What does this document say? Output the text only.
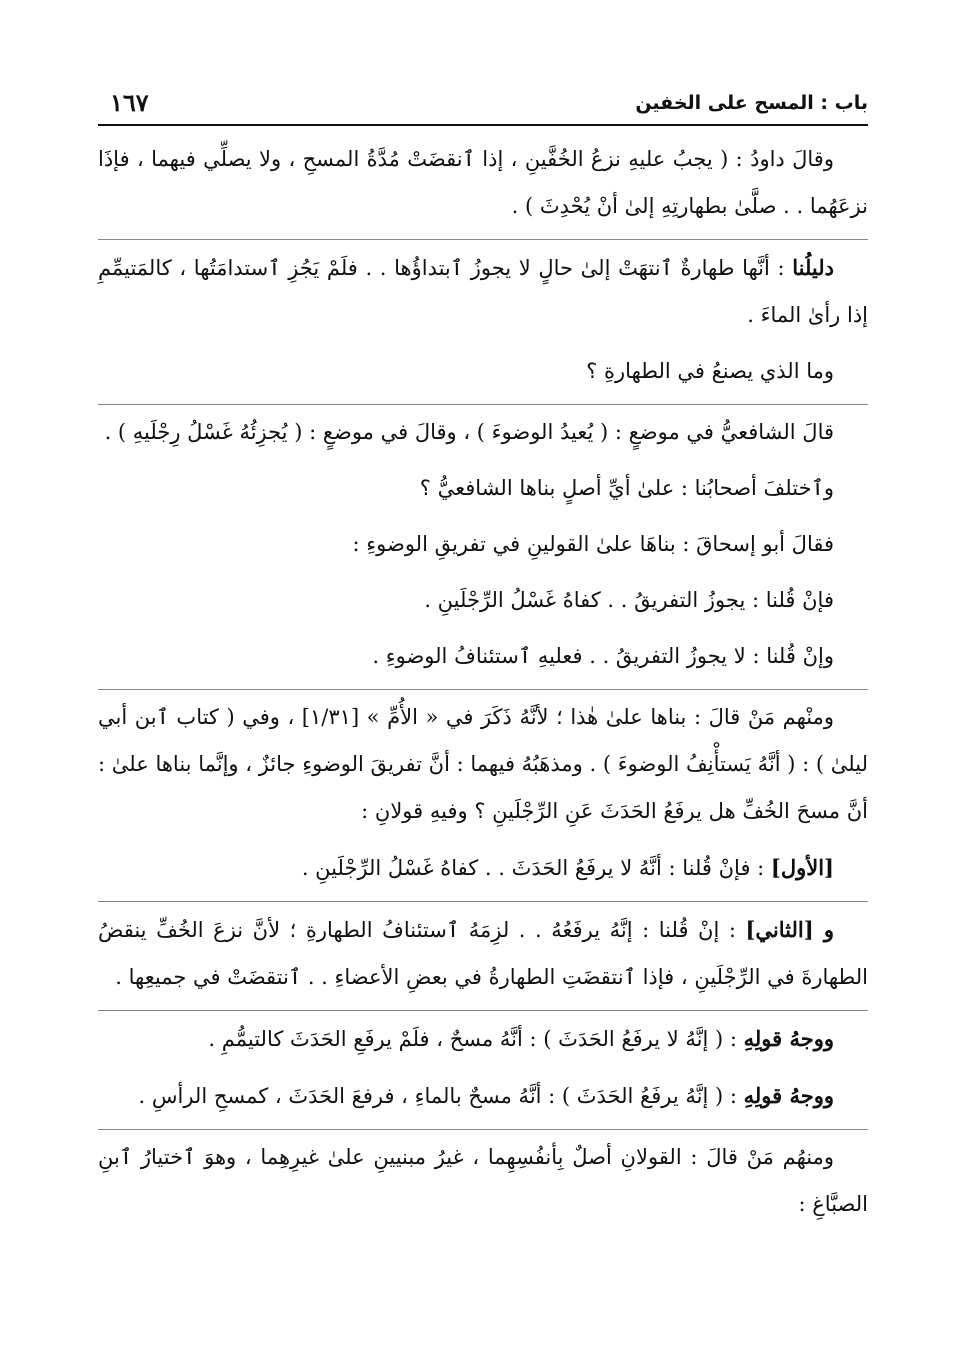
باب : المسح على الخفين
١٦٧

وقالَ داودُ : ( يجبُ عليهِ نزعُ الخُفَّينِ ، إذا ٱنقضَتْ مُدَّةُ المسحِ ، ولا يصلِّي فيهما ، فإذَا نزعَهُما . . صلَّىٰ بطهارتِهِ إلىٰ أنْ يُحْدِثَ ) .

دليلُنا : أنَّها طهارةٌ ٱنتهَتْ إلىٰ حالٍ لا يجوزُ ٱبتداؤُها . . فلَمْ يَجُزِ ٱستدامَتُها ، كالمَتيمِّمِ إذا رأىٰ الماءَ .

وما الذي يصنعُ في الطهارةِ ؟

قالَ الشافعيُّ في موضعٍ : ( يُعيدُ الوضوءَ ) ، وقالَ في موضعٍ : ( يُجزِئُهُ غَسْلُ رِجْلَيهِ ) .

وٱختلفَ أصحابُنا : علىٰ أيِّ أصلٍ بناها الشافعيُّ ؟

فقالَ أبو إسحاقَ : بناهَا علىٰ القولينِ في تفريقِ الوضوءِ :

فإنْ قُلنا : يجوزُ التفريقُ . . كفاهُ غَسْلُ الرِّجْلَينِ .

وإنْ قُلنا : لا يجوزُ التفريقُ . . فعليهِ ٱستئنافُ الوضوءِ .

ومنْهم مَنْ قالَ : بناها علىٰ هٰذا ؛ لأنَّهُ ذَكَرَ في « الأُمِّ » [١/٣١] ، وفي ( كتاب ٱبن أبي ليلىٰ ) : ( أنَّهُ يَستأْنِفُ الوضوءَ ) . ومذهَبُهُ فيهما : أنَّ تفريقَ الوضوءِ جائزٌ ، وإنَّما بناها علىٰ : أنَّ مسحَ الخُفِّ هل يرفَعُ الحَدَثَ عَنِ الرِّجْلَينِ ؟ وفيهِ قولانِ :

[الأول] : فإنْ قُلنا : أنَّهُ لا يرفَعُ الحَدَثَ . . كفاهُ غَسْلُ الرِّجْلَينِ .

و [الثاني] : إنْ قُلنا : إنَّهُ يرفَعُهُ . . لزِمَهُ ٱستئنافُ الطهارةِ ؛ لأنَّ نزعَ الخُفِّ ينقضُ الطهارةَ في الرِّجْلَينِ ، فإذا ٱنتقضَتِ الطهارةُ في بعضِ الأعضاءِ . . ٱنتقضَتْ في جميعِها .

ووجهُ قولِهِ : ( إنَّهُ لا يرفَعُ الحَدَثَ ) : أنَّهُ مسحٌ ، فلَمْ يرفَعِ الحَدَثَ كالتيمُّمِ .

ووجهُ قولِهِ : ( إنَّهُ يرفَعُ الحَدَثَ ) : أنَّهُ مسحٌ بالماءِ ، فرفعَ الحَدَثَ ، كمسحِ الرأسِ .

ومنهُم مَنْ قالَ : القولانِ أصلٌ بِأنفُسِهِما ، غيرُ مبنيينِ علىٰ غيرِهِما ، وهوَ ٱختيارُ ٱبنِ الصبَّاغِ :
